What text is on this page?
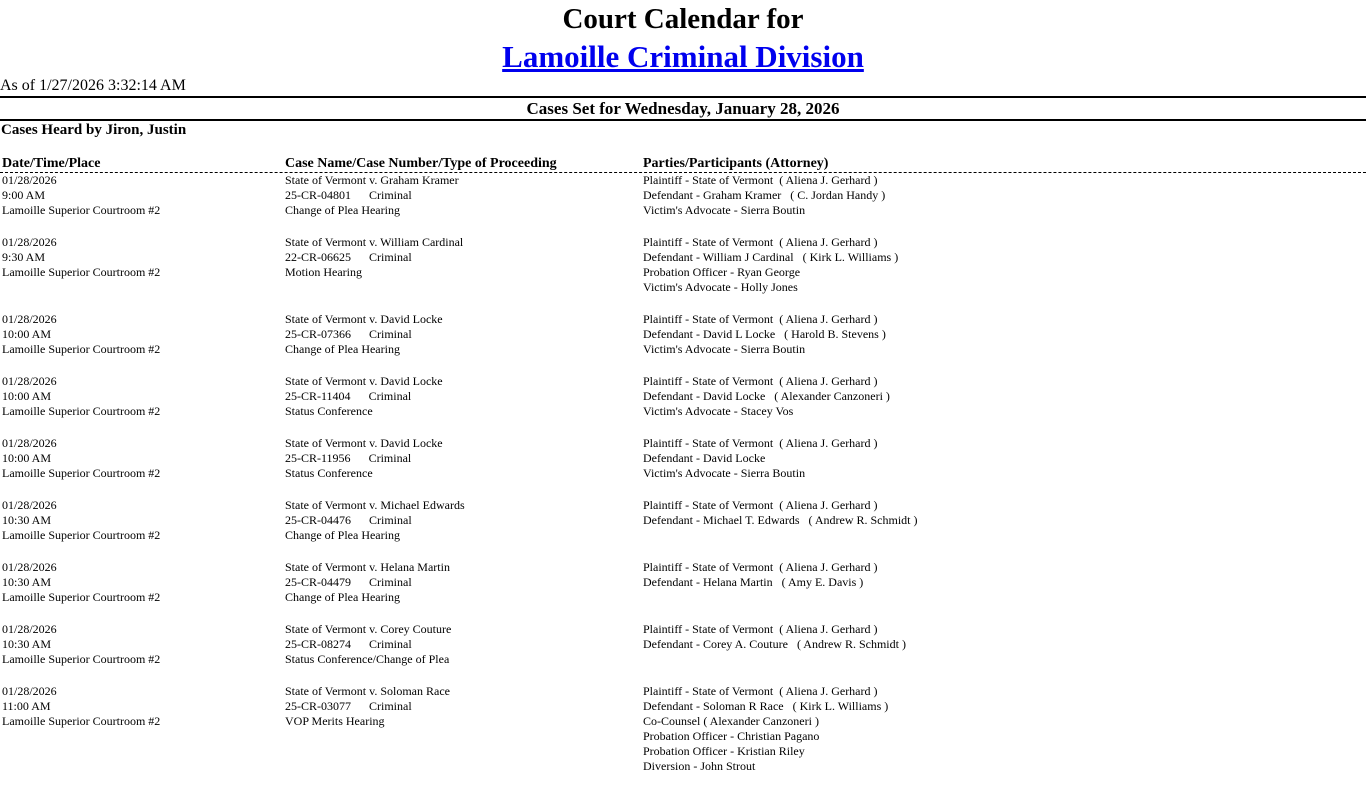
Court Calendar for
Lamoille Criminal Division
As of 1/27/2026 3:32:14 AM
Cases Set for Wednesday, January 28, 2026
Cases Heard by Jiron, Justin
Date/Time/Place	Case Name/Case Number/Type of Proceeding	Parties/Participants (Attorney)
01/28/2026
9:00 AM
Lamoille Superior Courtroom #2
State of Vermont v. Graham Kramer
25-CR-04801 Criminal
Change of Plea Hearing
Plaintiff - State of Vermont  ( Aliena J. Gerhard )
Defendant - Graham Kramer   ( C. Jordan Handy )
Victim's Advocate - Sierra Boutin
01/28/2026
9:30 AM
Lamoille Superior Courtroom #2
State of Vermont v. William Cardinal
22-CR-06625 Criminal
Motion Hearing
Plaintiff - State of Vermont  ( Aliena J. Gerhard )
Defendant - William J Cardinal   ( Kirk L. Williams )
Probation Officer - Ryan George
Victim's Advocate - Holly Jones
01/28/2026
10:00 AM
Lamoille Superior Courtroom #2
State of Vermont v. David Locke
25-CR-07366 Criminal
Change of Plea Hearing
Plaintiff - State of Vermont  ( Aliena J. Gerhard )
Defendant - David L Locke   ( Harold B. Stevens )
Victim's Advocate - Sierra Boutin
01/28/2026
10:00 AM
Lamoille Superior Courtroom #2
State of Vermont v. David Locke
25-CR-11404 Criminal
Status Conference
Plaintiff - State of Vermont  ( Aliena J. Gerhard )
Defendant - David Locke   ( Alexander Canzoneri )
Victim's Advocate - Stacey Vos
01/28/2026
10:00 AM
Lamoille Superior Courtroom #2
State of Vermont v. David Locke
25-CR-11956 Criminal
Status Conference
Plaintiff - State of Vermont  ( Aliena J. Gerhard )
Defendant - David Locke
Victim's Advocate - Sierra Boutin
01/28/2026
10:30 AM
Lamoille Superior Courtroom #2
State of Vermont v. Michael Edwards
25-CR-04476 Criminal
Change of Plea Hearing
Plaintiff - State of Vermont  ( Aliena J. Gerhard )
Defendant - Michael T. Edwards   ( Andrew R. Schmidt )
01/28/2026
10:30 AM
Lamoille Superior Courtroom #2
State of Vermont v. Helana Martin
25-CR-04479 Criminal
Change of Plea Hearing
Plaintiff - State of Vermont  ( Aliena J. Gerhard )
Defendant - Helana Martin   ( Amy E. Davis )
01/28/2026
10:30 AM
Lamoille Superior Courtroom #2
State of Vermont v. Corey Couture
25-CR-08274 Criminal
Status Conference/Change of Plea
Plaintiff - State of Vermont  ( Aliena J. Gerhard )
Defendant - Corey A. Couture   ( Andrew R. Schmidt )
01/28/2026
11:00 AM
Lamoille Superior Courtroom #2
State of Vermont v. Soloman Race
25-CR-03077 Criminal
VOP Merits Hearing
Plaintiff - State of Vermont  ( Aliena J. Gerhard )
Defendant - Soloman R Race   ( Kirk L. Williams )
Co-Counsel ( Alexander Canzoneri )
Probation Officer - Christian Pagano
Probation Officer - Kristian Riley
Diversion - John Strout
